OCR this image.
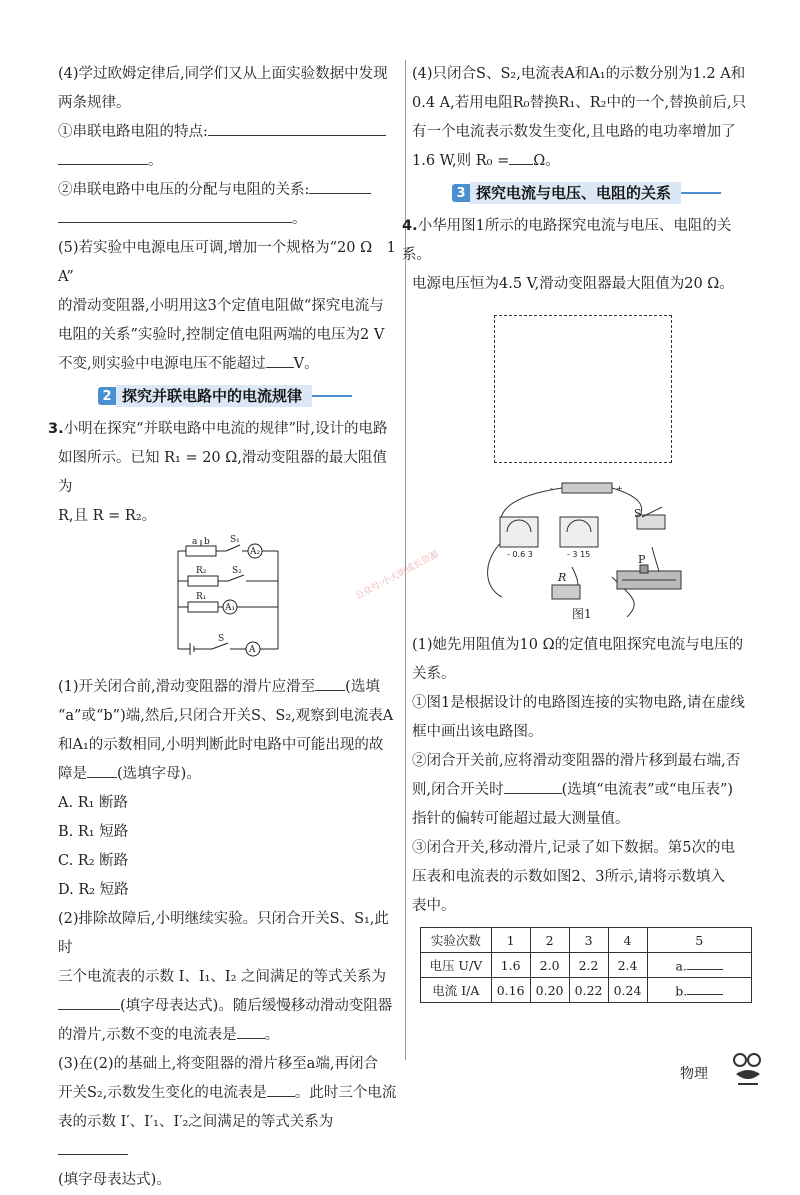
(4)学过欧姆定律后,同学们又从上面实验数据中发现

两条规律。

①串联电路电阻的特点:

。

②串联电路中电压的分配与电阻的关系:

。

(5)若实验中电源电压可调,增加一个规格为“20 Ω　1 A”

的滑动变阻器,小明用这3个定值电阻做“探究电流与

电阻的关系”实验时,控制定值电阻两端的电压为2 V

不变,则实验中电源电压不能超过 V。

2 探究并联电路中的电流规律

3.小明在探究“并联电路中电流的规律”时,设计的电路

如图所示。已知 R₁ = 20 Ω,滑动变阻器的最大阻值为

R,且 R = R₂。

a b S₁
A₂
R₂	S₂
R₁
A₁
S
A

(1)开关闭合前,滑动变阻器的滑片应滑至 (选填

“a”或“b”)端,然后,只闭合开关S、S₂,观察到电流表A

和A₁的示数相同,小明判断此时电路中可能出现的故

障是 (选填字母)。

A. R₁ 断路

B. R₁ 短路

C. R₂ 断路

D. R₂ 短路

(2)排除故障后,小明继续实验。只闭合开关S、S₁,此时

三个电流表的示数 I、I₁、I₂ 之间满足的等式关系为

(填字母表达式)。随后缓慢移动滑动变阻器

的滑片,示数不变的电流表是 。

(3)在(2)的基础上,将变阻器的滑片移至a端,再闭合

开关S₂,示数发生变化的电流表是 。此时三个电流

表的示数 I′、I′₁、I′₂之间满足的等式关系为

(填字母表达式)。

(4)只闭合S、S₂,电流表A和A₁的示数分别为1.2 A和

0.4 A,若用电阻R₀替换R₁、R₂中的一个,替换前后,只

有一个电流表示数发生变化,且电路的电功率增加了

1.6 W,则 R₀ = Ω。

3 探究电流与电压、电阻的关系

4.小华用图1所示的电路探究电流与电压、电阻的关系。

电源电压恒为4.5 V,滑动变阻器最大阻值为20 Ω。

- 0.6 3	- 3 15
-	+
S
P
R
图1

(1)她先用阻值为10 Ω的定值电阻探究电流与电压的

关系。

①图1是根据设计的电路图连接的实物电路,请在虚线

框中画出该电路图。

②闭合开关前,应将滑动变阻器的滑片移到最右端,否

则,闭合开关时	(选填“电流表”或“电压表”)

指针的偏转可能超过最大测量值。

③闭合开关,移动滑片,记录了如下数据。第5次的电

压表和电流表的示数如图2、3所示,请将示数填入

表中。

实验次数	1	2	3	4	5
电压 U/V	1.6	2.0	2.2	2.4	a.
电流 I/A	0.16	0.20	0.22	0.24	b.
公众号:小天街成长资源
物理
